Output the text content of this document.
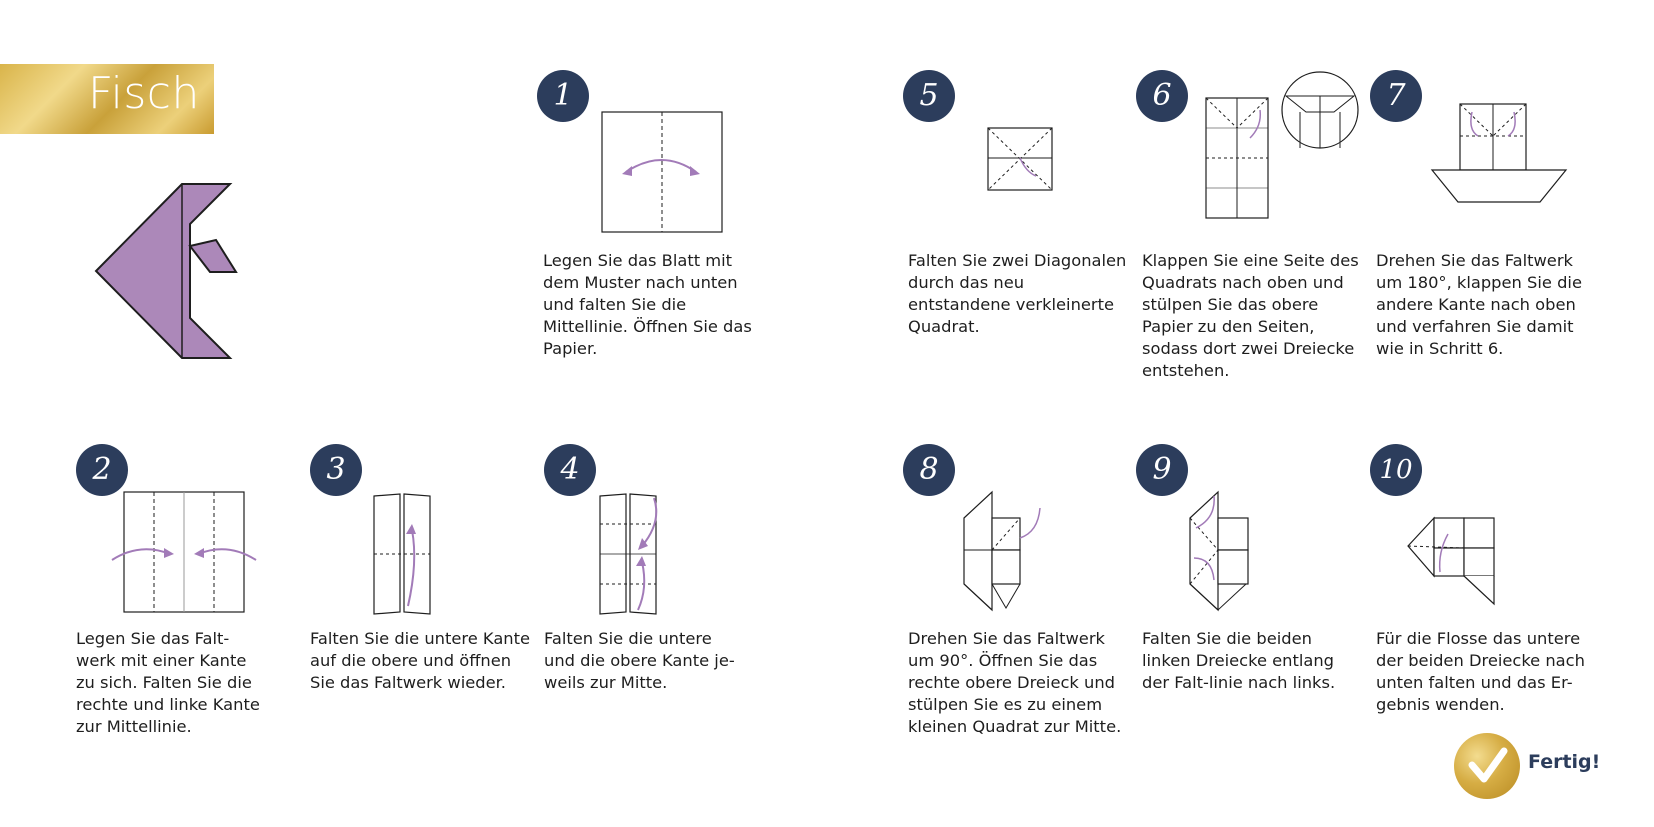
Fisch	1
Legen Sie das Blatt mit dem Muster nach unten und falten Sie die Mittellinie. Öffnen Sie das Papier.
5
Falten Sie zwei Diagonalen durch das neu entstandene verkleinerte Quadrat.
6
Klappen Sie eine Seite des Quadrats nach oben und stülpen Sie das obere Papier zu den Seiten, sodass dort zwei Dreiecke entstehen.
7
Drehen Sie das Faltwerk um 180°, klappen Sie die andere Kante nach oben und verfahren Sie damit wie in Schritt 6.
2
Legen Sie das Falt-werk mit einer Kante zu sich. Falten Sie die rechte und linke Kante zur Mittellinie.
3
Falten Sie die untere Kante auf die obere und öffnen Sie das Faltwerk wieder.
4
Falten Sie die untere und die obere Kante je-weils zur Mitte.
8
Drehen Sie das Faltwerk um 90°. Öffnen Sie das rechte obere Dreieck und stülpen Sie es zu einem kleinen Quadrat zur Mitte.
9
Falten Sie die beiden linken Dreiecke entlang der Falt-linie nach links.
10
Für die Flosse das untere der beiden Dreiecke nach unten falten und das Er-gebnis wenden.
Fertig!
